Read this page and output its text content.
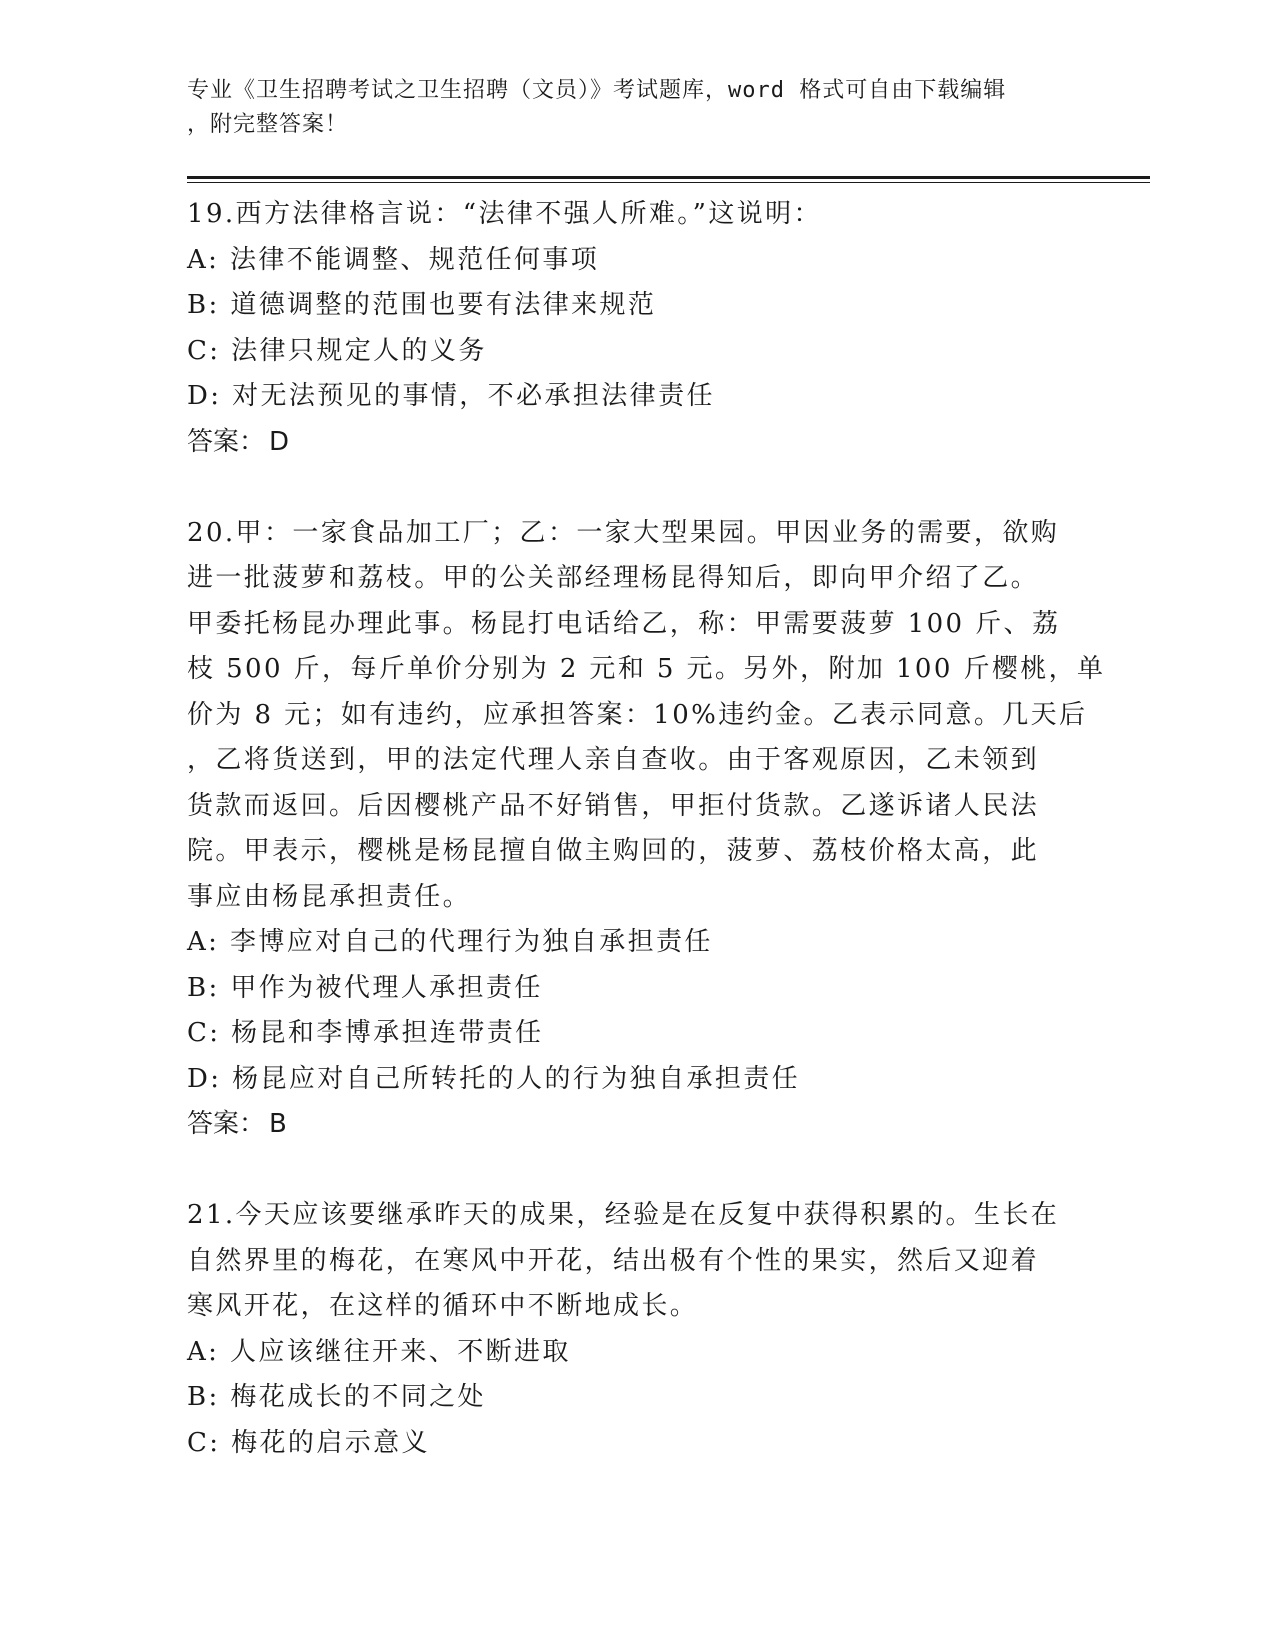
专业《卫生招聘考试之卫生招聘（文员）》考试题库，word 格式可自由下载编辑
，附完整答案！
19.西方法律格言说：“法律不强人所难。”这说明：
A: 法律不能调整、规范任何事项
B: 道德调整的范围也要有法律来规范
C: 法律只规定人的义务
D: 对无法预见的事情，不必承担法律责任
答案： D
20.甲：一家食品加工厂；乙：一家大型果园。甲因业务的需要，欲购
进一批菠萝和荔枝。甲的公关部经理杨昆得知后，即向甲介绍了乙。
甲委托杨昆办理此事。杨昆打电话给乙，称：甲需要菠萝 100 斤、荔
枝 500 斤，每斤单价分别为 2 元和 5 元。另外，附加 100 斤樱桃，单
价为 8 元；如有违约，应承担答案：10%违约金。乙表示同意。几天后
，乙将货送到，甲的法定代理人亲自查收。由于客观原因，乙未领到
货款而返回。后因樱桃产品不好销售，甲拒付货款。乙遂诉诸人民法
院。甲表示，樱桃是杨昆擅自做主购回的，菠萝、荔枝价格太高，此
事应由杨昆承担责任。
A: 李博应对自己的代理行为独自承担责任
B: 甲作为被代理人承担责任
C: 杨昆和李博承担连带责任
D: 杨昆应对自己所转托的人的行为独自承担责任
答案： B
21.今天应该要继承昨天的成果，经验是在反复中获得积累的。生长在
自然界里的梅花，在寒风中开花，结出极有个性的果实，然后又迎着
寒风开花，在这样的循环中不断地成长。
A: 人应该继往开来、不断进取
B: 梅花成长的不同之处
C: 梅花的启示意义
